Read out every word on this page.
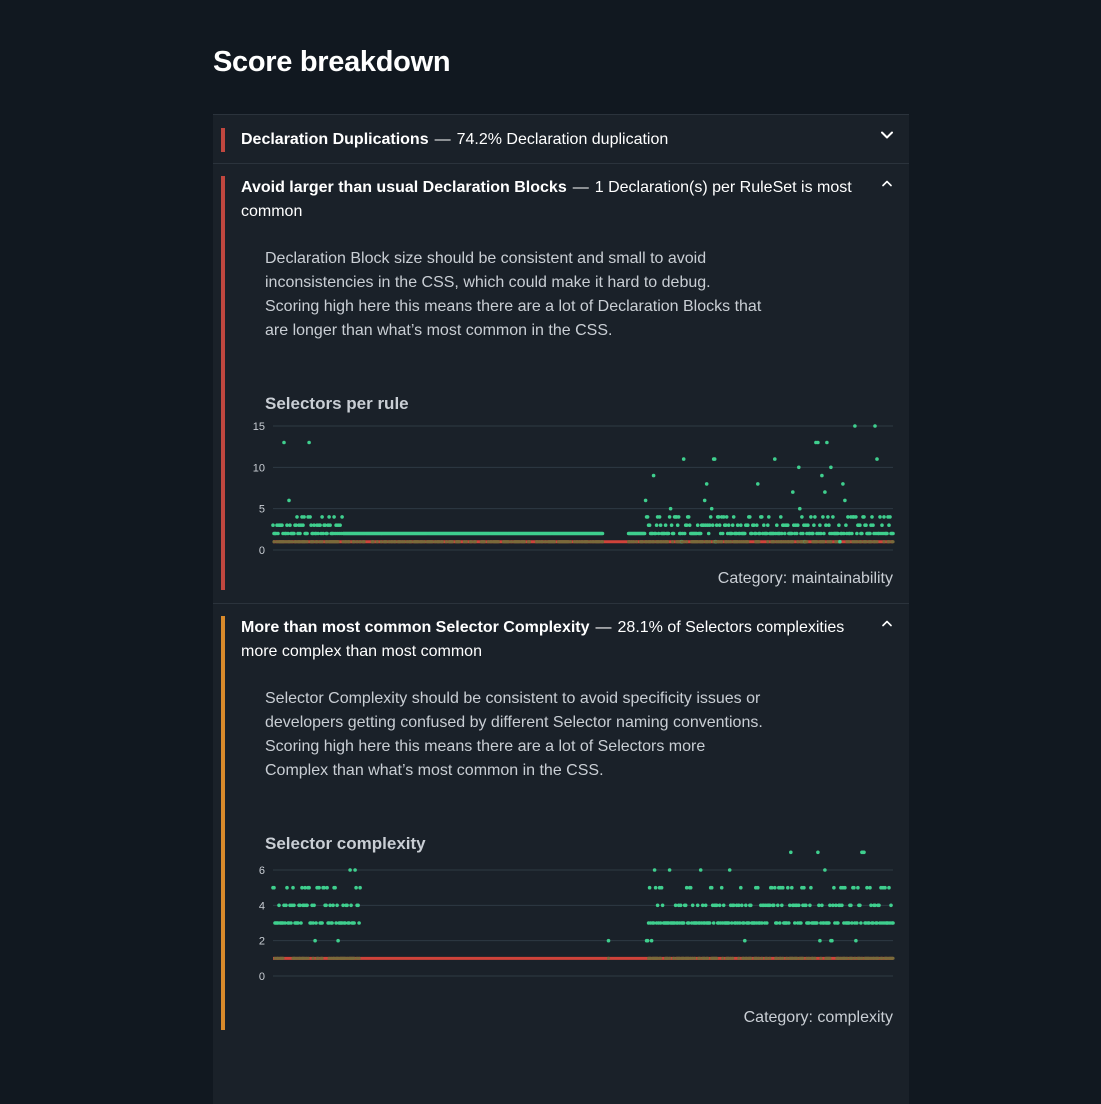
Score breakdown
Declaration Duplications — 74.2% Declaration duplication
Avoid larger than usual Declaration Blocks — 1 Declaration(s) per RuleSet is most common
Declaration Block size should be consistent and small to avoid inconsistencies in the CSS, which could make it hard to debug. Scoring high here this means there are a lot of Declaration Blocks that are longer than what’s most common in the CSS.
Selectors per rule
0
5
10
15
Category: maintainability
More than most common Selector Complexity — 28.1% of Selectors complexities more complex than most common
Selector Complexity should be consistent to avoid specificity issues or developers getting confused by different Selector naming conventions. Scoring high here this means there are a lot of Selectors more Complex than what’s most common in the CSS.
Selector complexity
0
2
4
6
Category: complexity
